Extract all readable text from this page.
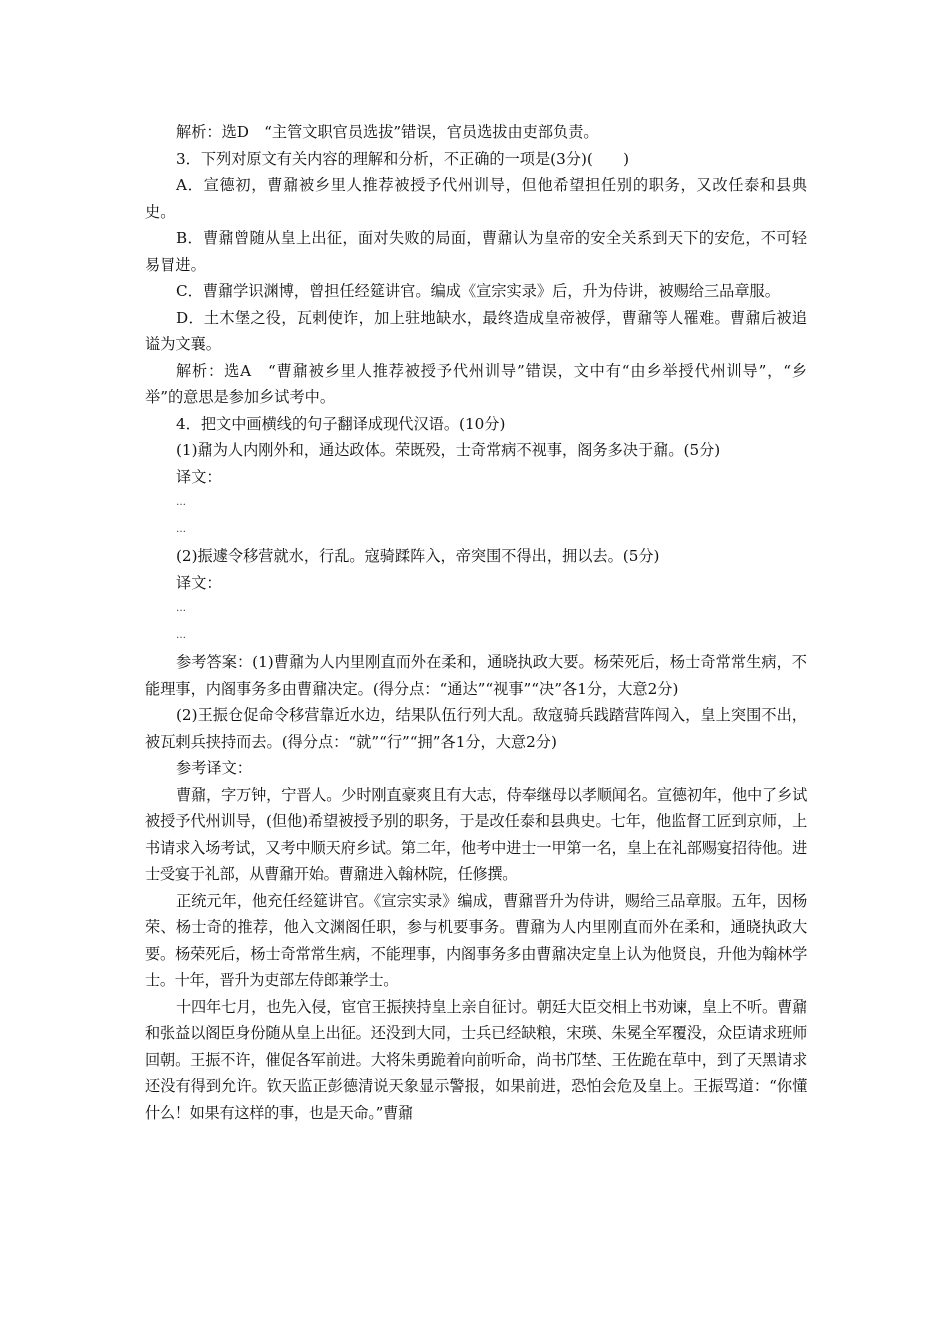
解析：选D　“主管文职官员选拔”错误，官员选拔由吏部负责。

3．下列对原文有关内容的理解和分析，不正确的一项是(3分)(　　)

A．宣德初，曹鼐被乡里人推荐被授予代州训导，但他希望担任别的职务，又改任泰和县典史。

B．曹鼐曾随从皇上出征，面对失败的局面，曹鼐认为皇帝的安全关系到天下的安危，不可轻易冒进。

C．曹鼐学识渊博，曾担任经筵讲官。编成《宣宗实录》后，升为侍讲，被赐给三品章服。

D．土木堡之役，瓦剌使诈，加上驻地缺水，最终造成皇帝被俘，曹鼐等人罹难。曹鼐后被追谥为文襄。

解析：选A　“曹鼐被乡里人推荐被授予代州训导”错误，文中有“由乡举授代州训导”，“乡举”的意思是参加乡试考中。

4．把文中画横线的句子翻译成现代汉语。(10分)

(1)鼐为人内刚外和，通达政体。荣既殁，士奇常病不视事，阁务多决于鼐。(5分)

译文：

…

…

(2)振遽令移营就水，行乱。寇骑蹂阵入，帝突围不得出，拥以去。(5分)

译文：

…

…

参考答案：(1)曹鼐为人内里刚直而外在柔和，通晓执政大要。杨荣死后，杨士奇常常生病，不能理事，内阁事务多由曹鼐决定。(得分点：“通达”“视事”“决”各1分，大意2分)

(2)王振仓促命令移营靠近水边，结果队伍行列大乱。敌寇骑兵践踏营阵闯入，皇上突围不出，被瓦剌兵挟持而去。(得分点：“就”“行”“拥”各1分，大意2分)

参考译文：

曹鼐，字万钟，宁晋人。少时刚直豪爽且有大志，侍奉继母以孝顺闻名。宣德初年，他中了乡试被授予代州训导，(但他)希望被授予别的职务，于是改任泰和县典史。七年，他监督工匠到京师，上书请求入场考试，又考中顺天府乡试。第二年，他考中进士一甲第一名，皇上在礼部赐宴招待他。进士受宴于礼部，从曹鼐开始。曹鼐进入翰林院，任修撰。

正统元年，他充任经筵讲官。《宣宗实录》编成，曹鼐晋升为侍讲，赐给三品章服。五年，因杨荣、杨士奇的推荐，他入文渊阁任职，参与机要事务。曹鼐为人内里刚直而外在柔和，通晓执政大要。杨荣死后，杨士奇常常生病，不能理事，内阁事务多由曹鼐决定皇上认为他贤良，升他为翰林学士。十年，晋升为吏部左侍郎兼学士。

十四年七月，也先入侵，宦官王振挟持皇上亲自征讨。朝廷大臣交相上书劝谏，皇上不听。曹鼐和张益以阁臣身份随从皇上出征。还没到大同，士兵已经缺粮，宋瑛、朱冕全军覆没，众臣请求班师回朝。王振不许，催促各军前进。大将朱勇跪着向前听命，尚书邝埜、王佐跪在草中，到了天黑请求还没有得到允许。钦天监正彭德清说天象显示警报，如果前进，恐怕会危及皇上。王振骂道：“你懂什么！如果有这样的事，也是天命。”曹鼐
